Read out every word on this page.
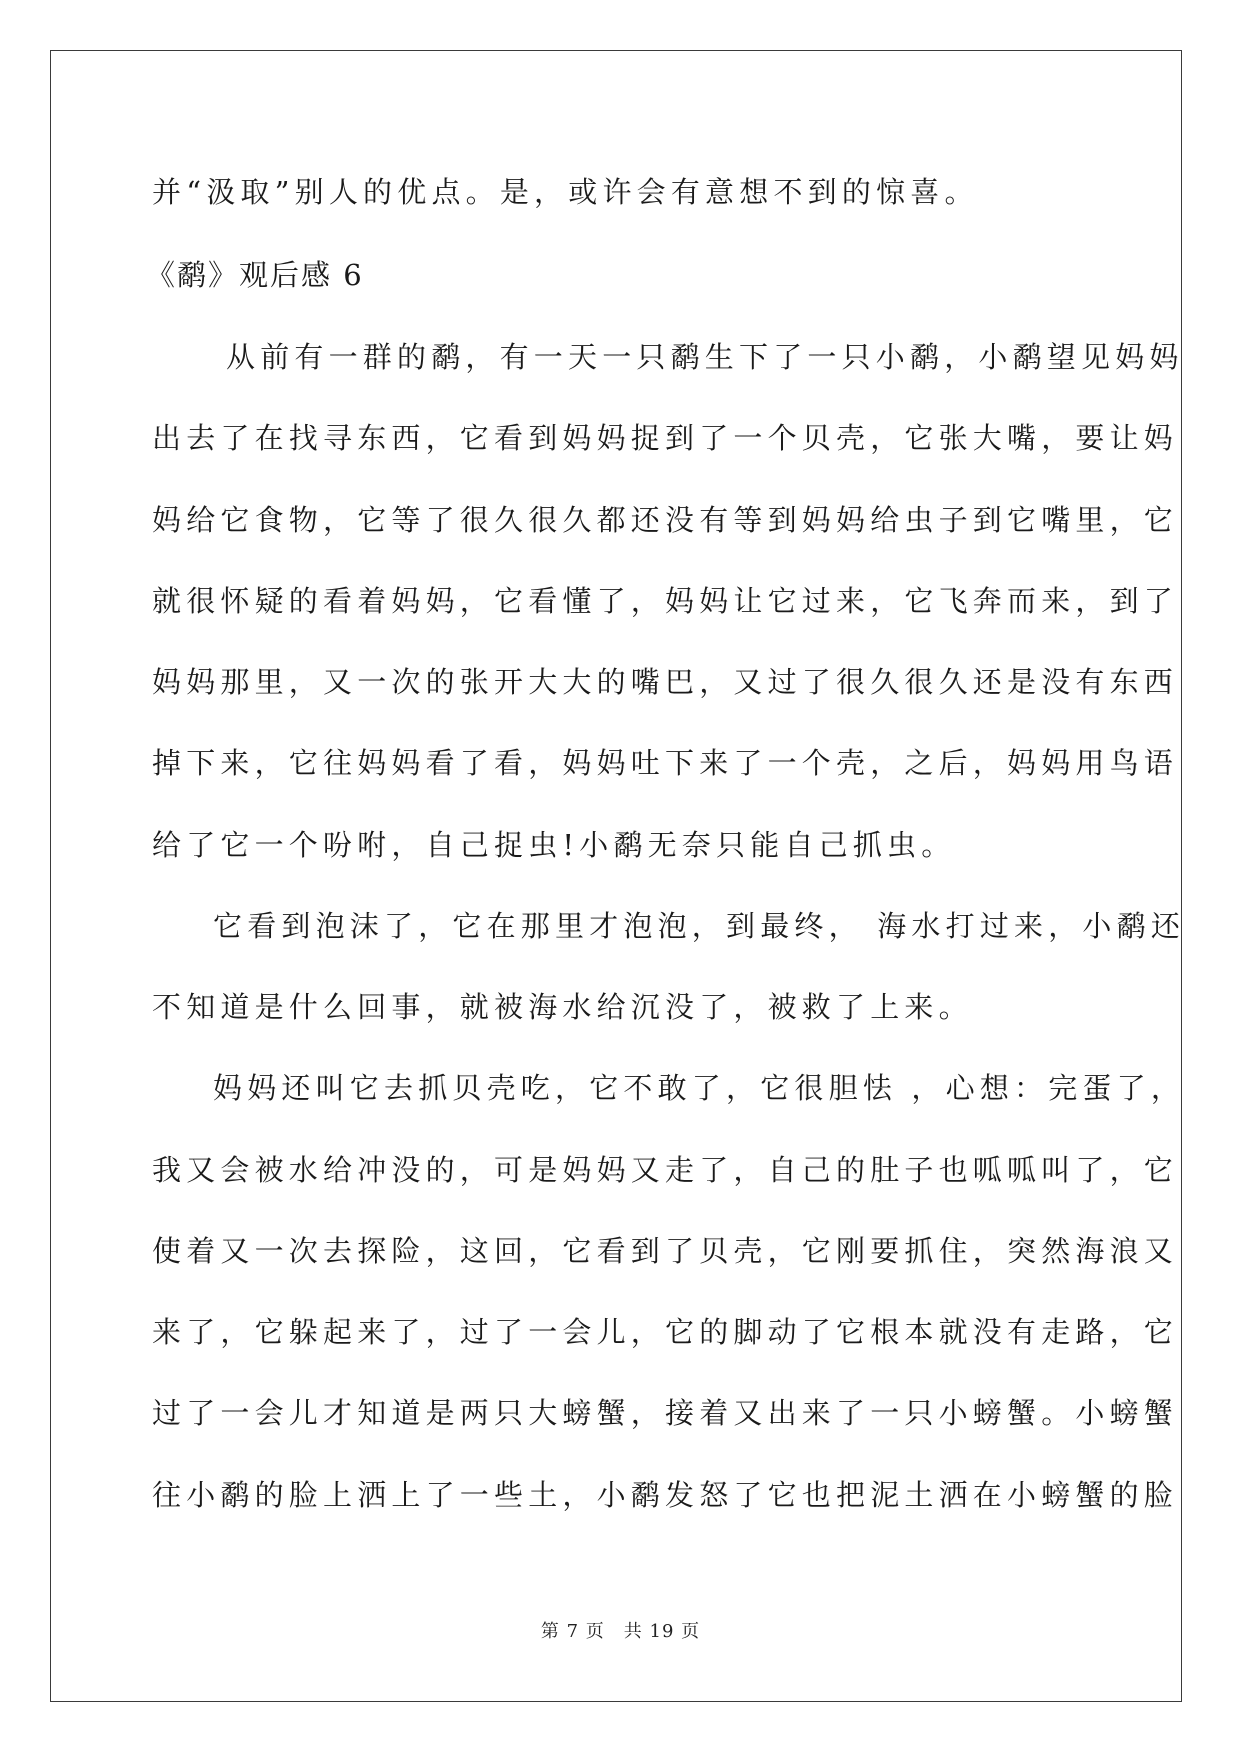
并“汲取”别人的优点。是，或许会有意想不到的惊喜。
《鹬》观后感 6
从前有一群的鹬，有一天一只鹬生下了一只小鹬，小鹬望见妈妈
出去了在找寻东西，它看到妈妈捉到了一个贝壳，它张大嘴，要让妈
妈给它食物，它等了很久很久都还没有等到妈妈给虫子到它嘴里，它
就很怀疑的看着妈妈，它看懂了，妈妈让它过来，它飞奔而来，到了
妈妈那里，又一次的张开大大的嘴巴，又过了很久很久还是没有东西
掉下来，它往妈妈看了看，妈妈吐下来了一个壳，之后，妈妈用鸟语
给了它一个吩咐，自己捉虫!小鹬无奈只能自己抓虫。
它看到泡沫了，它在那里才泡泡，到最终， 海水打过来，小鹬还
不知道是什么回事，就被海水给沉没了，被救了上来。
妈妈还叫它去抓贝壳吃，它不敢了，它很胆怯 ，心想：完蛋了，
我又会被水给冲没的，可是妈妈又走了，自己的肚子也呱呱叫了，它
使着又一次去探险，这回，它看到了贝壳，它刚要抓住，突然海浪又
来了，它躲起来了，过了一会儿，它的脚动了它根本就没有走路，它
过了一会儿才知道是两只大螃蟹，接着又出来了一只小螃蟹。小螃蟹
往小鹬的脸上洒上了一些土，小鹬发怒了它也把泥土洒在小螃蟹的脸
第 7 页　共 19 页
